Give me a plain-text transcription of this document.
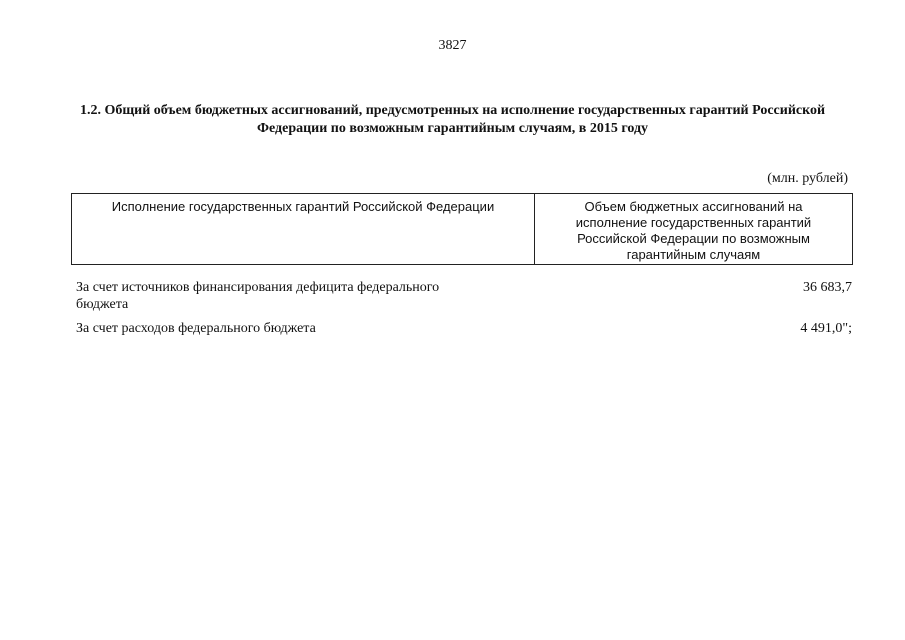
3827
1.2. Общий объем бюджетных ассигнований, предусмотренных на исполнение государственных гарантий Российской Федерации по возможным гарантийным случаям, в 2015 году
(млн. рублей)
Исполнение государственных гарантий Российской Федерации	Объем бюджетных ассигнований на исполнение государственных гарантий Российской Федерации по возможным гарантийным случаям
За счет источников финансирования дефицита федерального бюджета
36 683,7
За счет расходов федерального бюджета	4 491,0";
